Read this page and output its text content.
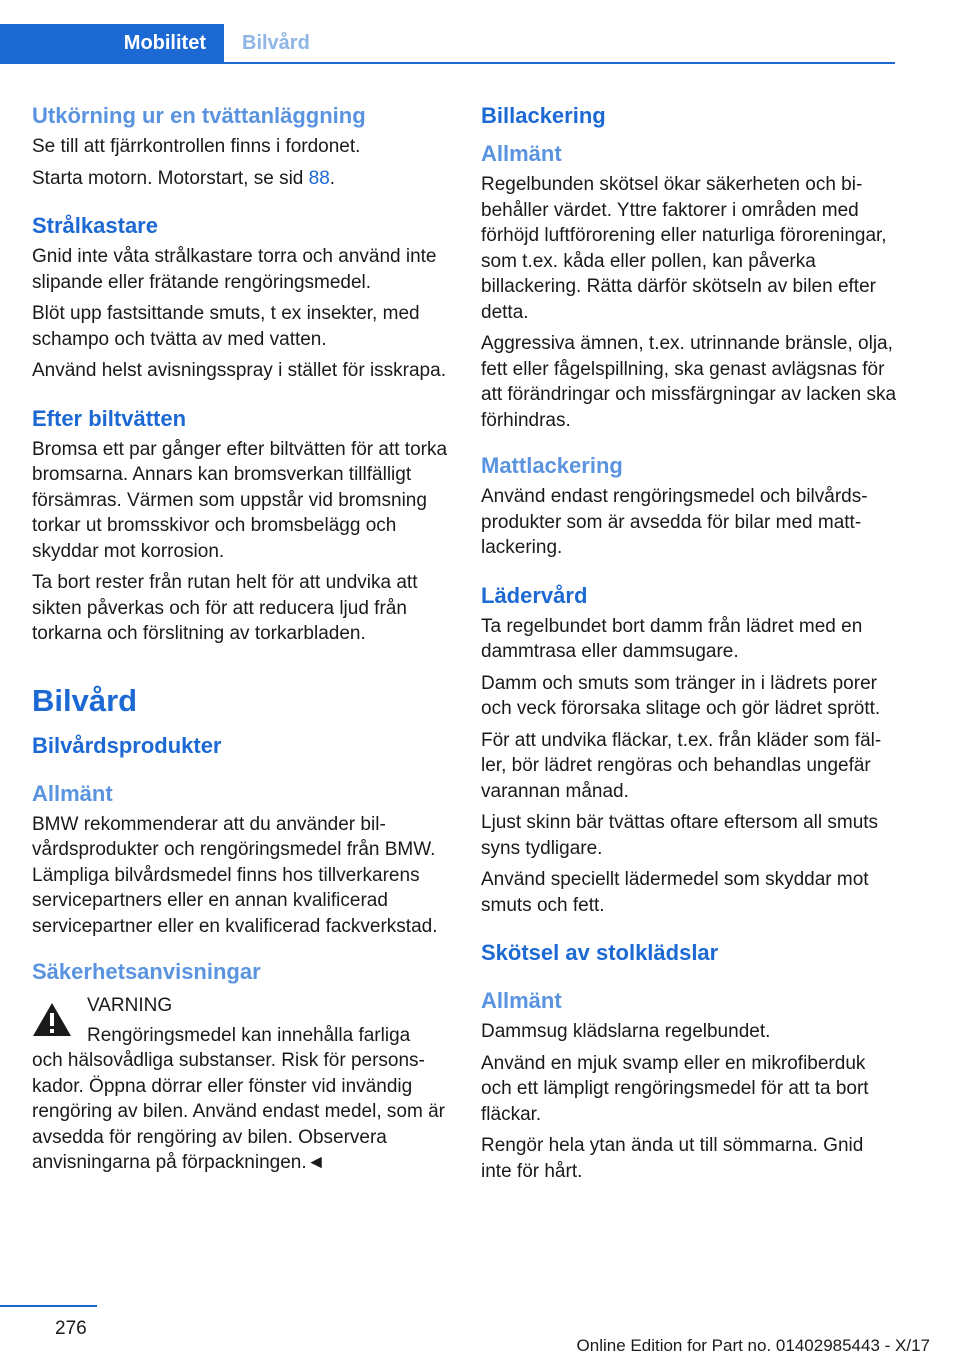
Mobilitet	Bilvård
Utkörning ur en tvättanläggning

Se till att fjärrkontrollen finns i fordonet.

Starta motorn. Motorstart, se sid 88.

Strålkastare

Gnid inte våta strålkastare torra och använd inte slipande eller frätande rengöringsmedel.

Blöt upp fastsittande smuts, t ex insekter, med schampo och tvätta av med vatten.

Använd helst avisningsspray i stället för isskrapa.

Efter biltvätten

Bromsa ett par gånger efter biltvätten för att torka bromsarna. Annars kan bromsverkan tillfälligt försämras. Värmen som uppstår vid bromsning torkar ut bromsskivor och bromsbelägg och skyddar mot korrosion.

Ta bort rester från rutan helt för att undvika att sikten påverkas och för att reducera ljud från torkarna och förslitning av torkarbladen.

Bilvård
Bilvårdsprodukter
Allmänt

BMW rekommenderar att du använder bilvårdsprodukter och rengöringsmedel från BMW. Lämpliga bilvårdsmedel finns hos tillverkarens servicepartners eller en annan kvalificerad servicepartner eller en kvalificerad fackverkstad.

Säkerhetsanvisningar
VARNING

Rengöringsmedel kan innehålla farliga
och hälsovådliga substanser. Risk för personskador. Öppna dörrar eller fönster vid invändig rengöring av bilen. Använd endast medel, som är avsedda för rengöring av bilen. Observera anvisningarna på förpackningen.◄

Billackering
Allmänt

Regelbunden skötsel ökar säkerheten och bibehåller värdet. Yttre faktorer i områden med förhöjd luftförorening eller naturliga föroreningar, som t.ex. kåda eller pollen, kan påverka billackering. Rätta därför skötseln av bilen efter detta.

Aggressiva ämnen, t.ex. utrinnande bränsle, olja, fett eller fågelspillning, ska genast avlägsnas för att förändringar och missfärgningar av lacken ska förhindras.

Mattlackering

Använd endast rengöringsmedel och bilvårdsprodukter som är avsedda för bilar med mattlackering.

Lädervård

Ta regelbundet bort damm från lädret med en dammtrasa eller dammsugare.

Damm och smuts som tränger in i lädrets porer och veck förorsaka slitage och gör lädret sprött.

För att undvika fläckar, t.ex. från kläder som fäller, bör lädret rengöras och behandlas ungefär varannan månad.

Ljust skinn bär tvättas oftare eftersom all smuts syns tydligare.

Använd speciellt lädermedel som skyddar mot smuts och fett.

Skötsel av stolklädslar
Allmänt

Dammsug klädslarna regelbundet.

Använd en mjuk svamp eller en mikrofiberduk och ett lämpligt rengöringsmedel för att ta bort fläckar.

Rengör hela ytan ända ut till sömmarna. Gnid inte för hårt.

276
Online Edition for Part no. 01402985443 - X/17
